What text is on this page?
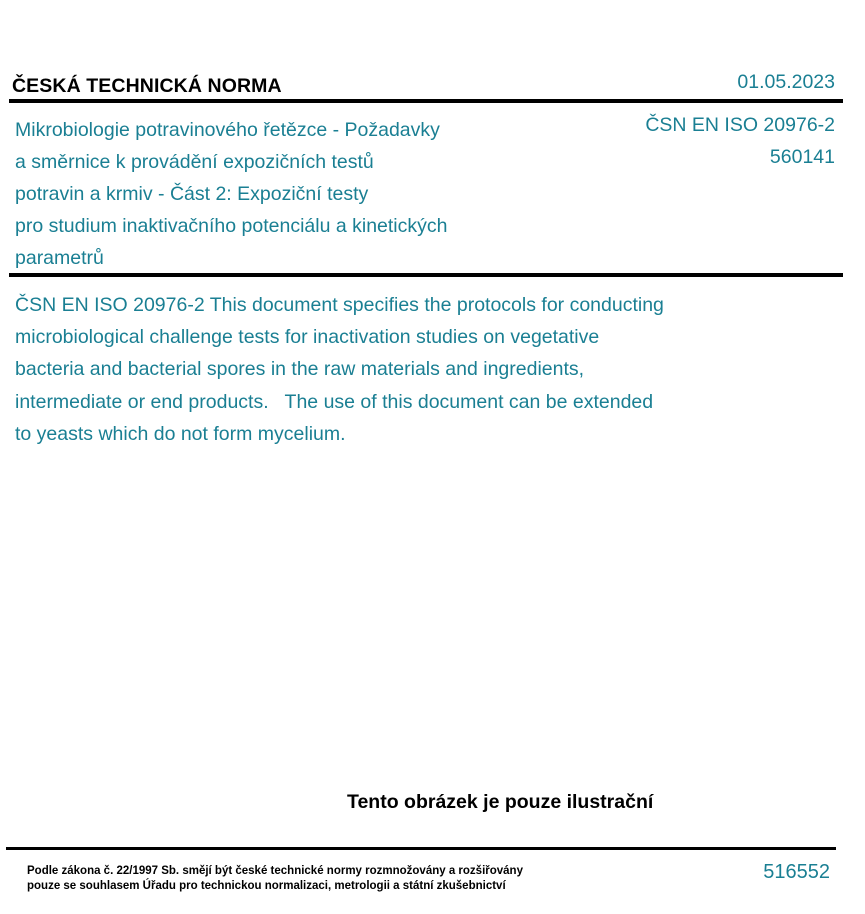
ČESKÁ TECHNICKÁ NORMA	01.05.2023
Mikrobiologie potravinového řetězce - Požadavky
a směrnice k provádění expozičních testů
potravin a krmiv - Část 2: Expoziční testy
pro studium inaktivačního potenciálu a kinetických
parametrů
ČSN EN ISO 20976-2
560141
ČSN EN ISO 20976-2 This document specifies the protocols for conducting
microbiological challenge tests for inactivation studies on vegetative
bacteria and bacterial spores in the raw materials and ingredients,
intermediate or end products.   The use of this document can be extended
to yeasts which do not form mycelium.
Tento obrázek je pouze ilustrační
Podle zákona č. 22/1997 Sb. smějí být české technické normy rozmnožovány a rozšiřovány
pouze se souhlasem Úřadu pro technickou normalizaci, metrologii a státní zkušebnictví
516552
